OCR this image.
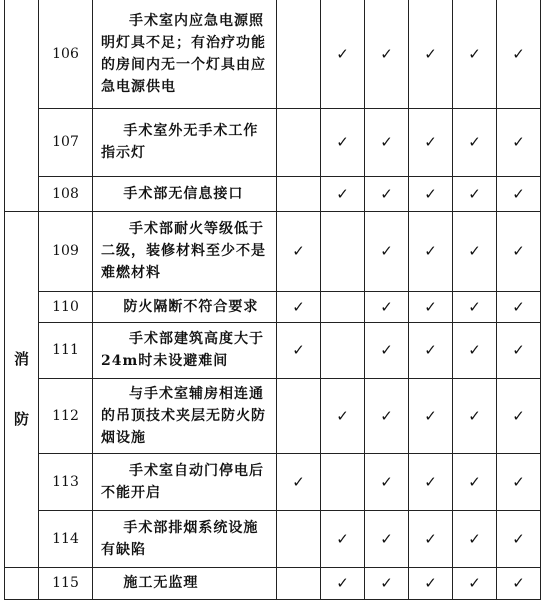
	106	手术室内应急电源照明灯具不足；有治疗功能的房间内无一个灯具由应急电源供电		✓	✓	✓	✓	✓
	107	手术室外无手术工作指示灯		✓	✓	✓	✓	✓
	108	手术部无信息接口		✓	✓	✓	✓	✓

消
防	109	手术部耐火等级低于二级，装修材料至少不是难燃材料	✓		✓	✓	✓	✓
	110	防火隔断不符合要求	✓		✓	✓	✓	✓
	111	手术部建筑高度大于24m时未设避难间	✓		✓	✓	✓	✓
	112	与手术室辅房相连通的吊顶技术夹层无防火防烟设施		✓	✓	✓	✓	✓
	113	手术室自动门停电后不能开启	✓		✓	✓	✓	✓
	114	手术部排烟系统设施有缺陷		✓	✓	✓	✓	✓
	115	施工无监理		✓	✓	✓	✓	✓
